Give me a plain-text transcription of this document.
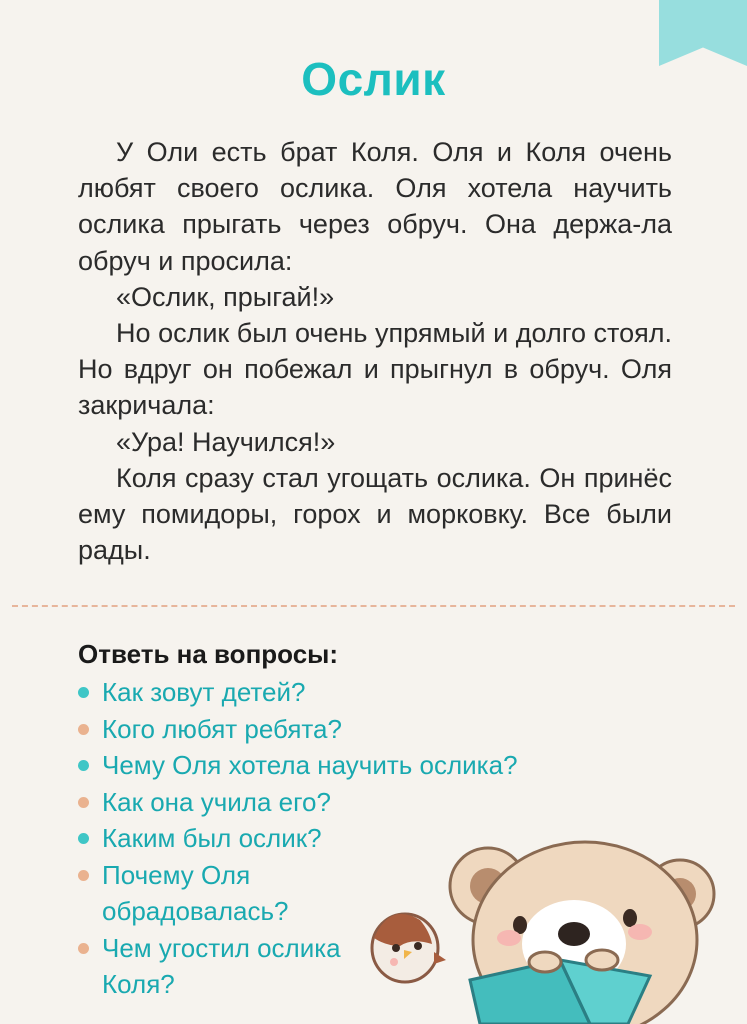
Ослик

У Оли есть брат Коля. Оля и Коля очень любят своего ослика. Оля хотела научить ослика прыгать через обруч. Она держа-ла обруч и просила:

«Ослик, прыгай!»

Но ослик был очень упрямый и долго стоял. Но вдруг он побежал и прыгнул в обруч. Оля закричала:

«Ура! Научился!»

Коля сразу стал угощать ослика. Он принёс ему помидоры, горох и морковку. Все были рады.

Ответь на вопросы:
Как зовут детей?
Кого любят ребята?
Чему Оля хотела научить ослика?
Как она учила его?
Каким был ослик?
Почему Оля обрадовалась?
Чем угостил ослика Коля?
